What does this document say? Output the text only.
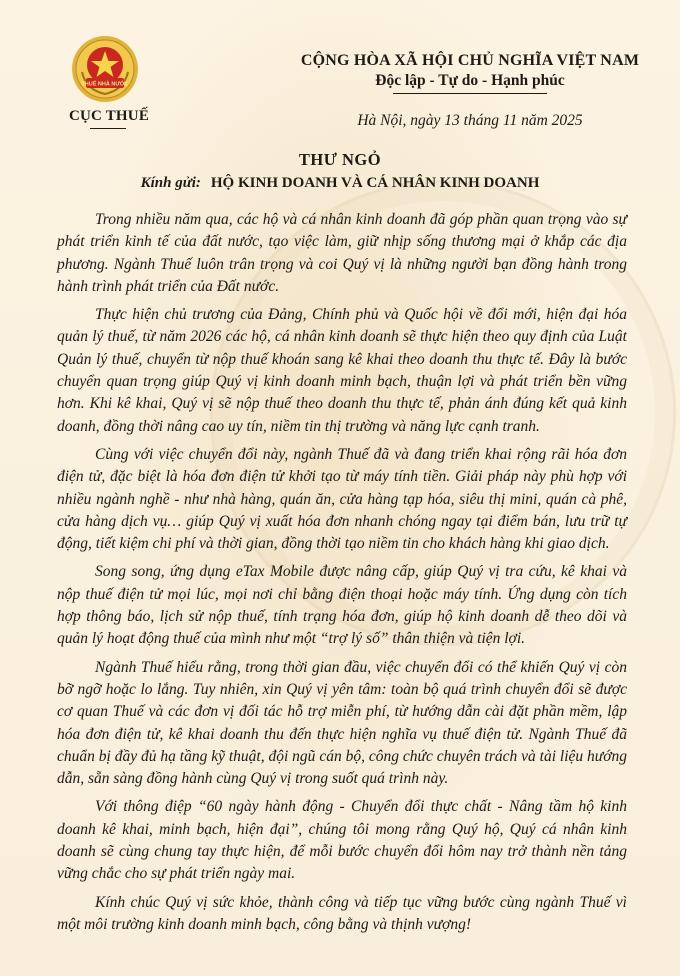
THUẾ NHÀ NƯỚC
CỤC THUẾ
CỘNG HÒA XÃ HỘI CHỦ NGHĨA VIỆT NAM
Độc lập - Tự do - Hạnh phúc
Hà Nội, ngày 13 tháng 11 năm 2025
THƯ NGỎ
Kính gửi: HỘ KINH DOANH VÀ CÁ NHÂN KINH DOANH

Trong nhiều năm qua, các hộ và cá nhân kinh doanh đã góp phần quan trọng vào sự phát triển kinh tế của đất nước, tạo việc làm, giữ nhịp sống thương mại ở khắp các địa phương. Ngành Thuế luôn trân trọng và coi Quý vị là những người bạn đồng hành trong hành trình phát triển của Đất nước.

Thực hiện chủ trương của Đảng, Chính phủ và Quốc hội về đổi mới, hiện đại hóa quản lý thuế, từ năm 2026 các hộ, cá nhân kinh doanh sẽ thực hiện theo quy định của Luật Quản lý thuế, chuyển từ nộp thuế khoán sang kê khai theo doanh thu thực tế. Đây là bước chuyển quan trọng giúp Quý vị kinh doanh minh bạch, thuận lợi và phát triển bền vững hơn. Khi kê khai, Quý vị sẽ nộp thuế theo doanh thu thực tế, phản ánh đúng kết quả kinh doanh, đồng thời nâng cao uy tín, niềm tin thị trường và năng lực cạnh tranh.

Cùng với việc chuyển đổi này, ngành Thuế đã và đang triển khai rộng rãi hóa đơn điện tử, đặc biệt là hóa đơn điện tử khởi tạo từ máy tính tiền. Giải pháp này phù hợp với nhiều ngành nghề - như nhà hàng, quán ăn, cửa hàng tạp hóa, siêu thị mini, quán cà phê, cửa hàng dịch vụ… giúp Quý vị xuất hóa đơn nhanh chóng ngay tại điểm bán, lưu trữ tự động, tiết kiệm chi phí và thời gian, đồng thời tạo niềm tin cho khách hàng khi giao dịch.

Song song, ứng dụng eTax Mobile được nâng cấp, giúp Quý vị tra cứu, kê khai và nộp thuế điện tử mọi lúc, mọi nơi chỉ bằng điện thoại hoặc máy tính. Ứng dụng còn tích hợp thông báo, lịch sử nộp thuế, tính trạng hóa đơn, giúp hộ kinh doanh dễ theo dõi và quản lý hoạt động thuế của mình như một “trợ lý số” thân thiện và tiện lợi.

Ngành Thuế hiểu rằng, trong thời gian đầu, việc chuyển đổi có thể khiến Quý vị còn bỡ ngỡ hoặc lo lắng. Tuy nhiên, xin Quý vị yên tâm: toàn bộ quá trình chuyển đổi sẽ được cơ quan Thuế và các đơn vị đối tác hỗ trợ miễn phí, từ hướng dẫn cài đặt phần mềm, lập hóa đơn điện tử, kê khai doanh thu đến thực hiện nghĩa vụ thuế điện tử. Ngành Thuế đã chuẩn bị đầy đủ hạ tầng kỹ thuật, đội ngũ cán bộ, công chức chuyên trách và tài liệu hướng dẫn, sẵn sàng đồng hành cùng Quý vị trong suốt quá trình này.

Với thông điệp “60 ngày hành động - Chuyển đổi thực chất - Nâng tầm hộ kinh doanh kê khai, minh bạch, hiện đại”, chúng tôi mong rằng Quý hộ, Quý cá nhân kinh doanh sẽ cùng chung tay thực hiện, để mỗi bước chuyển đổi hôm nay trở thành nền tảng vững chắc cho sự phát triển ngày mai.

Kính chúc Quý vị sức khỏe, thành công và tiếp tục vững bước cùng ngành Thuế vì một môi trường kinh doanh minh bạch, công bằng và thịnh vượng!
